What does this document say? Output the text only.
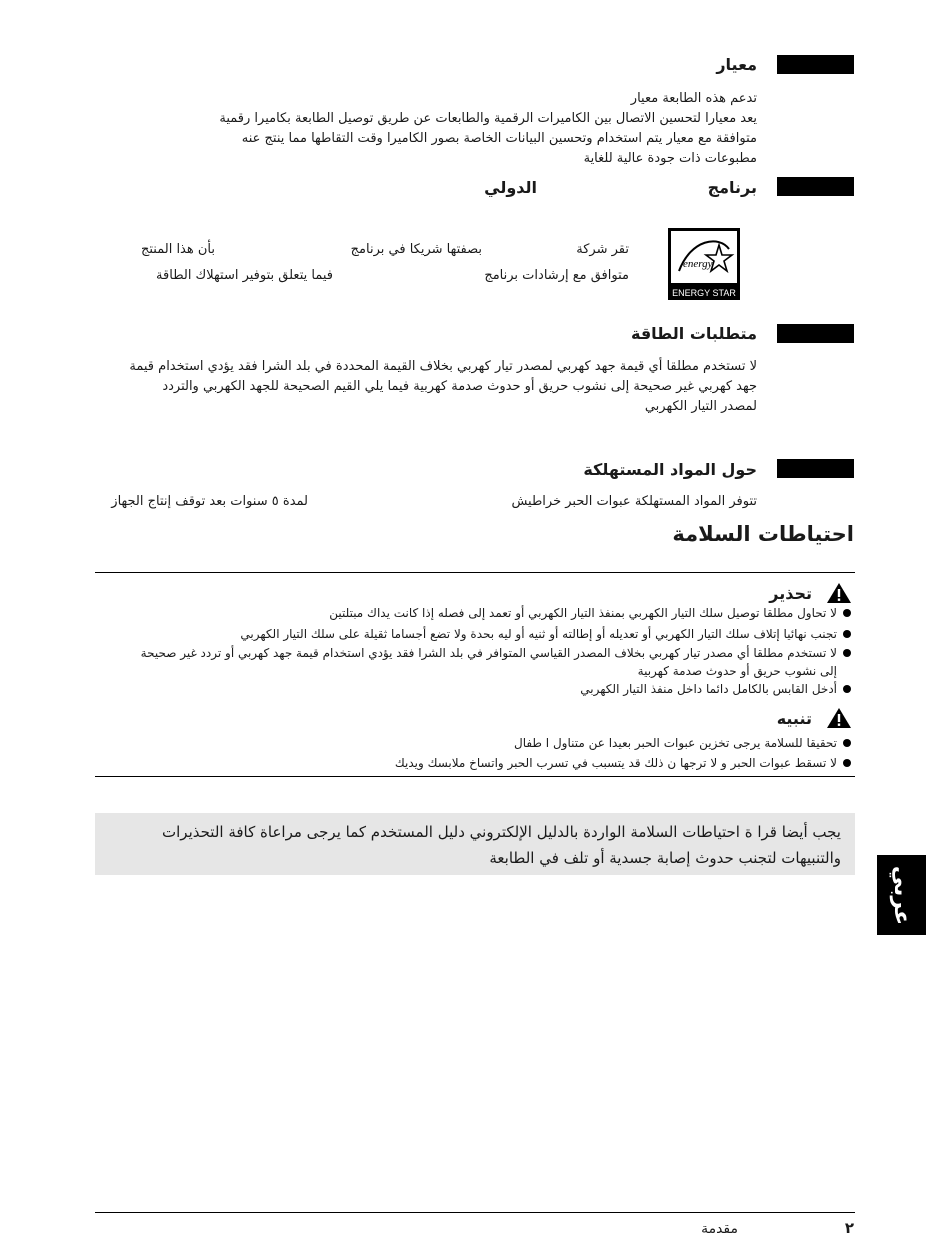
معيار
تدعم هذه الطابعة معيار
يعد معيارا لتحسين الاتصال بين الكاميرات الرقمية والطابعات عن طريق توصيل الطابعة بكاميرا رقمية
متوافقة مع معيار يتم استخدام وتحسين البيانات الخاصة بصور الكاميرا وقت التقاطها مما ينتج عنه
مطبوعات ذات جودة عالية للغاية
برنامج
الدولي
energy
ENERGY STAR
تقر شركة
بصفتها شريكا في برنامج
بأن هذا المنتج
متوافق مع إرشادات برنامج
فيما يتعلق بتوفير استهلاك الطاقة
متطلبات الطاقة
لا تستخدم مطلقا أي قيمة جهد كهربي لمصدر تيار كهربي بخلاف القيمة المحددة في بلد الشرا فقد يؤدي استخدام قيمة
جهد كهربي غير صحيحة إلى نشوب حريق أو حدوث صدمة كهربية فيما يلي القيم الصحيحة للجهد الكهربي والتردد
لمصدر التيار الكهربي
حول المواد المستهلكة
تتوفر المواد المستهلكة عبوات الحبر خراطيش
لمدة ٥ سنوات بعد توقف إنتاج الجهاز
احتياطات السلامة
تحذير
لا تحاول مطلقا توصيل سلك التيار الكهربي بمنفذ التيار الكهربي أو تعمد إلى فصله إذا كانت يداك مبتلتين
تجنب نهائيا إتلاف سلك التيار الكهربي أو تعديله أو إطالته أو ثنيه أو ليه بحدة ولا تضع أجساما ثقيلة على سلك التيار الكهربي
لا تستخدم مطلقا أي مصدر تيار كهربي بخلاف المصدر القياسي المتوافر في بلد الشرا فقد يؤدي استخدام قيمة جهد كهربي أو تردد غير صحيحة إلى نشوب حريق أو حدوث صدمة كهربية
أدخل القابس بالكامل دائما داخل منفذ التيار الكهربي
تنبيه
تحقيقا للسلامة يرجى تخزين عبوات الحبر بعيدا عن متناول ا طفال
لا تسقط عبوات الحبر و لا ترجها ن ذلك قد يتسبب في تسرب الحبر واتساخ ملابسك ويديك
يجب أيضا قرا ة احتياطات السلامة الواردة بالدليل الإلكتروني دليل المستخدم كما يرجى مراعاة كافة التحذيرات
والتنبيهات لتجنب حدوث إصابة جسدية أو تلف في الطابعة
عربي
مقدمة	٢
